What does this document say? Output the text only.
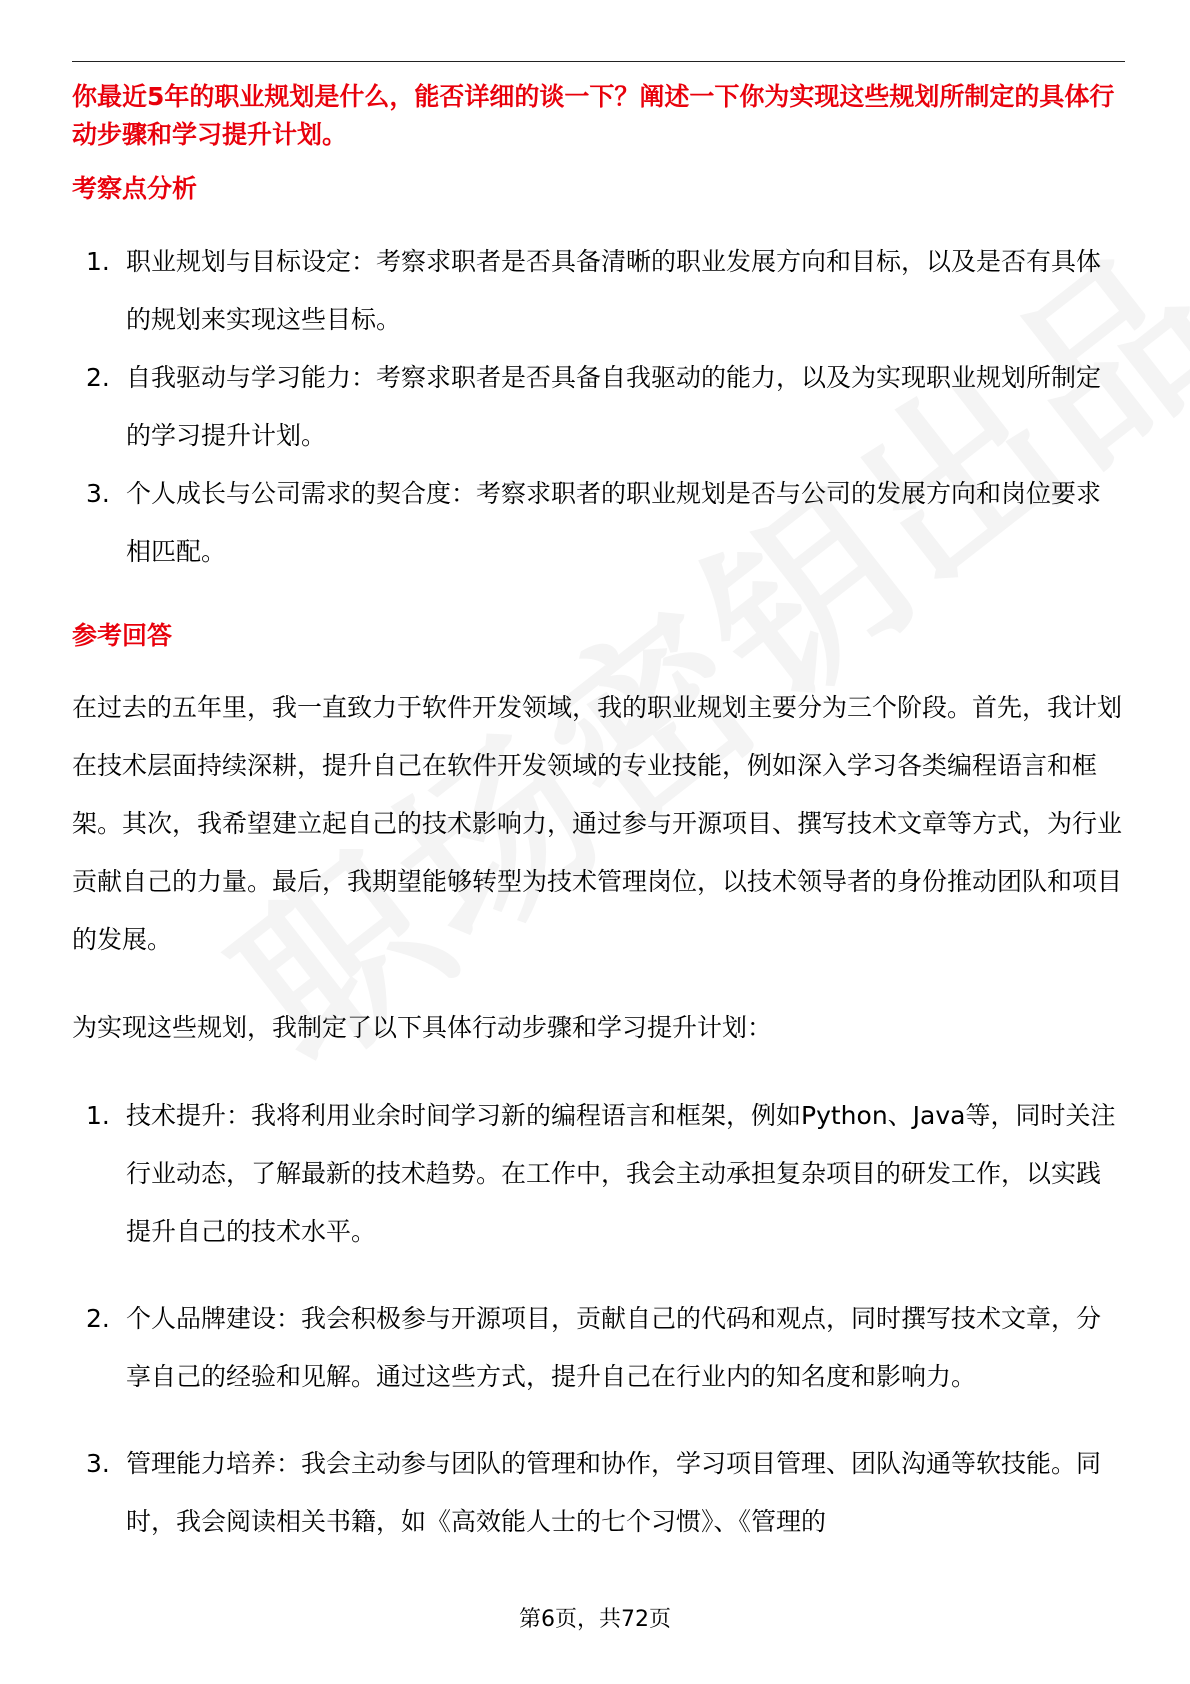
你最近5年的职业规划是什么，能否详细的谈一下？阐述一下你为实现这些规划所制定的具体行动步骤和学习提升计划。

考察点分析
1. 职业规划与目标设定：考察求职者是否具备清晰的职业发展方向和目标，以及是否有具体的规划来实现这些目标。
2. 自我驱动与学习能力：考察求职者是否具备自我驱动的能力，以及为实现职业规划所制定的学习提升计划。
3. 个人成长与公司需求的契合度：考察求职者的职业规划是否与公司的发展方向和岗位要求相匹配。
参考回答

在过去的五年里，我一直致力于软件开发领域，我的职业规划主要分为三个阶段。首先，我计划在技术层面持续深耕，提升自己在软件开发领域的专业技能，例如深入学习各类编程语言和框架。其次，我希望建立起自己的技术影响力，通过参与开源项目、撰写技术文章等方式，为行业贡献自己的力量。最后，我期望能够转型为技术管理岗位，以技术领导者的身份推动团队和项目的发展。

为实现这些规划，我制定了以下具体行动步骤和学习提升计划：

1. 技术提升：我将利用业余时间学习新的编程语言和框架，例如Python、Java等，同时关注行业动态，了解最新的技术趋势。在工作中，我会主动承担复杂项目的研发工作，以实践提升自己的技术水平。
2. 个人品牌建设：我会积极参与开源项目，贡献自己的代码和观点，同时撰写技术文章，分享自己的经验和见解。通过这些方式，提升自己在行业内的知名度和影响力。
3. 管理能力培养：我会主动参与团队的管理和协作，学习项目管理、团队沟通等软技能。同时，我会阅读相关书籍，如《高效能人士的七个习惯》、《管理的
第6页，共72页
